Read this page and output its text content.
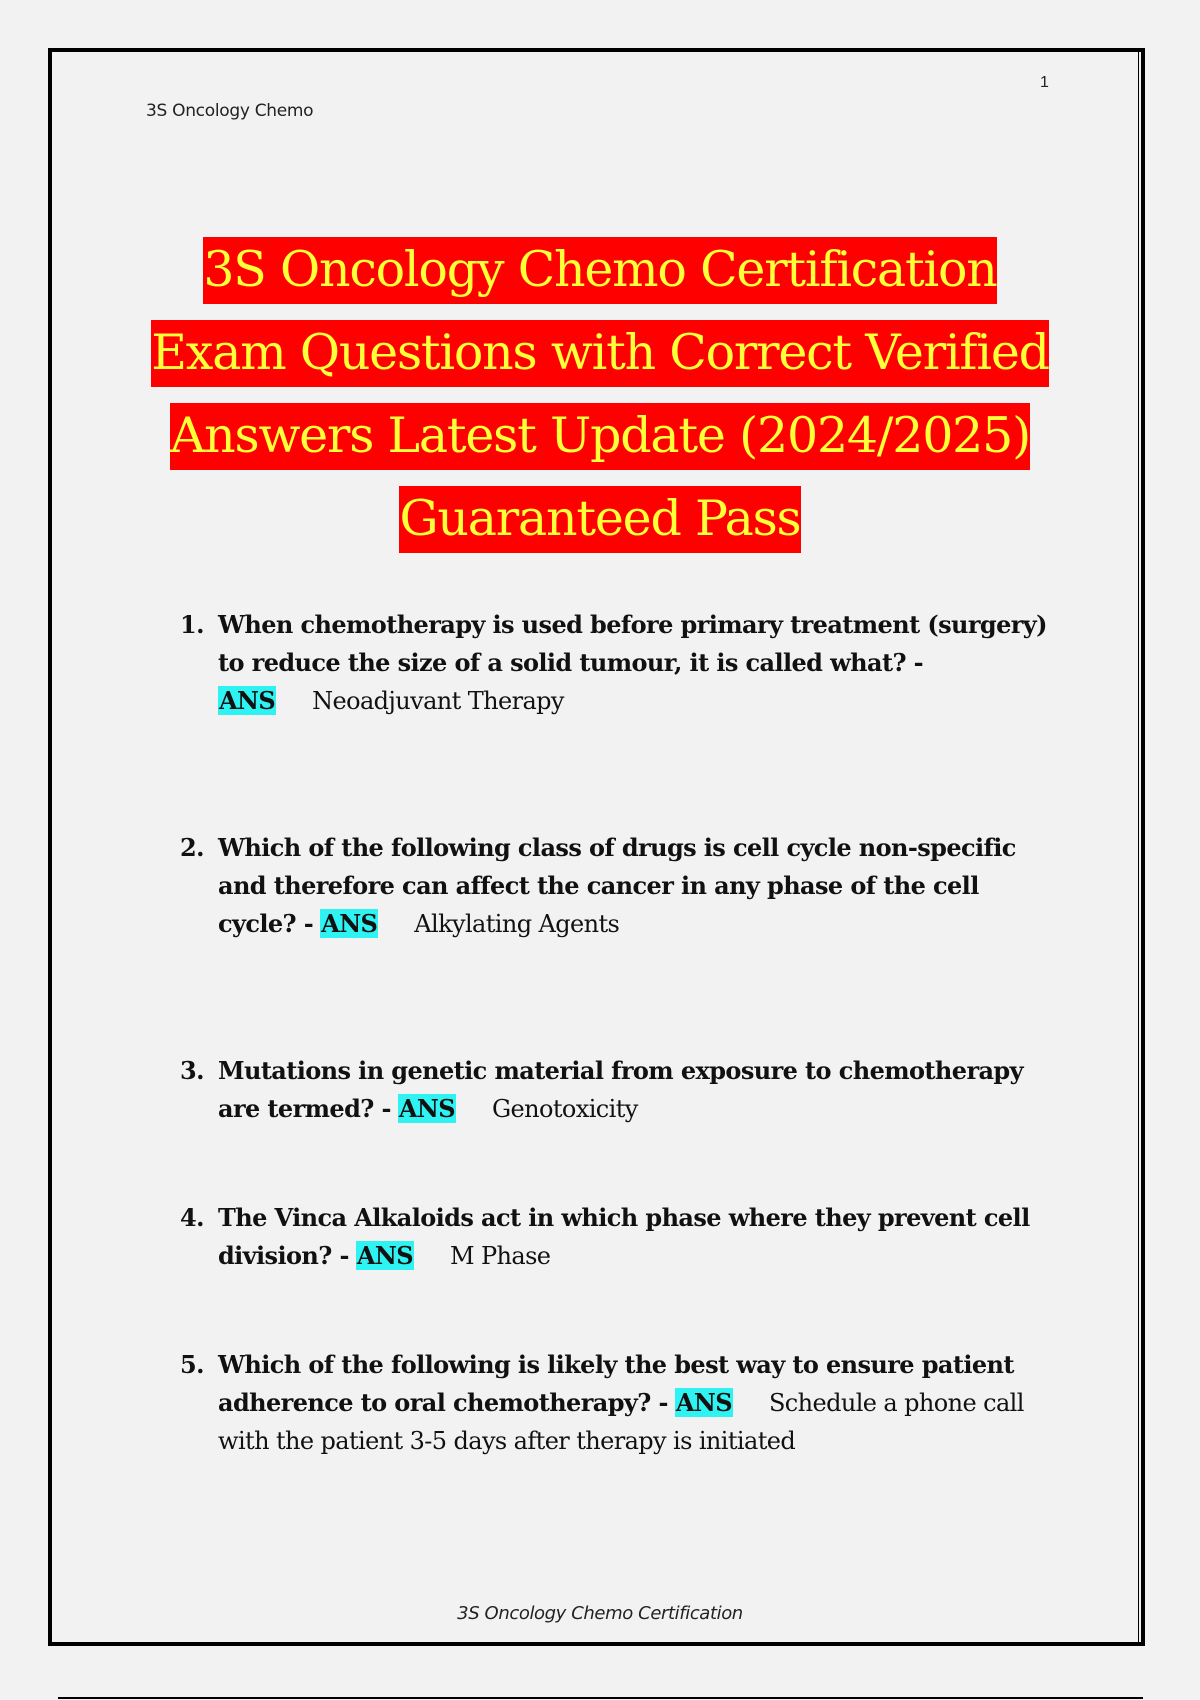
1
3S Oncology Chemo
3S Oncology Chemo Certification
Exam Questions with Correct Verified
Answers Latest Update (2024/2025)
Guaranteed Pass
1. When chemotherapy is used before primary treatment (surgery) to reduce the size of a solid tumour, it is called what? - ANS Neoadjuvant Therapy
2. Which of the following class of drugs is cell cycle non-specific and therefore can affect the cancer in any phase of the cell cycle? - ANS Alkylating Agents
3. Mutations in genetic material from exposure to chemotherapy are termed? - ANS Genotoxicity
4. The Vinca Alkaloids act in which phase where they prevent cell division? - ANS M Phase
5. Which of the following is likely the best way to ensure patient adherence to oral chemotherapy? - ANS Schedule a phone call with the patient 3-5 days after therapy is initiated
3S Oncology Chemo Certification
